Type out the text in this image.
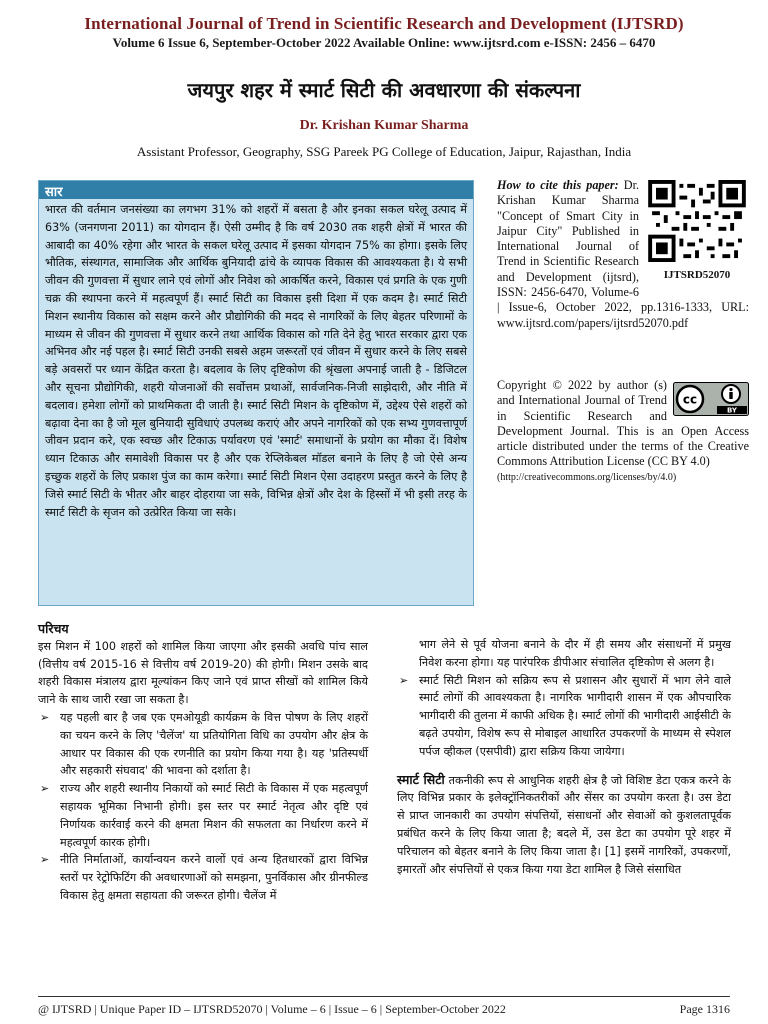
International Journal of Trend in Scientific Research and Development (IJTSRD)
Volume 6 Issue 6, September-October 2022 Available Online: www.ijtsrd.com e-ISSN: 2456 – 6470
जयपुर शहर में स्मार्ट सिटी की अवधारणा की संकल्पना
Dr. Krishan Kumar Sharma
Assistant Professor, Geography, SSG Pareek PG College of Education, Jaipur, Rajasthan, India
सार
भारत की वर्तमान जनसंख्या का लगभग 31% को शहरों में बसता है और इनका सकल घरेलू उत्पाद में 63% (जनगणना 2011) का योगदान हैं। ऐसी उम्मीद है कि वर्ष 2030 तक शहरी क्षेत्रों में भारत की आबादी का 40% रहेगा और भारत के सकल घरेलू उत्पाद में इसका योगदान 75% का होगा। इसके लिए भौतिक, संस्थागत, सामाजिक और आर्थिक बुनियादी ढांचे के व्यापक विकास की आवश्यकता है। ये सभी जीवन की गुणवत्ता में सुधार लाने एवं लोगों और निवेश को आकर्षित करने, विकास एवं प्रगति के एक गुणी चक्र की स्थापना करने में महत्वपूर्ण हैं। स्मार्ट सिटी का विकास इसी दिशा में एक कदम है। स्मार्ट सिटी मिशन स्थानीय विकास को सक्षम करने और प्रौद्योगिकी की मदद से नागरिकों के लिए बेहतर परिणामों के माध्यम से जीवन की गुणवत्ता में सुधार करने तथा आर्थिक विकास को गति देने हेतु भारत सरकार द्वारा एक अभिनव और नई पहल है। स्मार्ट सिटी उनकी सबसे अहम जरूरतों एवं जीवन में सुधार करने के लिए सबसे बड़े अवसरों पर ध्यान केंद्रित करता है। बदलाव के लिए दृष्टिकोण की श्रृंखला अपनाई जाती है - डिजिटल और सूचना प्रौद्योगिकी, शहरी योजनाओं की सर्वोत्तम प्रथाओं, सार्वजनिक-निजी साझेदारी, और नीति में बदलाव। हमेशा लोगों को प्राथमिकता दी जाती है। स्मार्ट सिटी मिशन के दृष्टिकोण में, उद्देश्य ऐसे शहरों को बढ़ावा देना का है जो मूल बुनियादी सुविधाएं उपलब्ध कराएं और अपने नागरिकों को एक सभ्य गुणवत्तापूर्ण जीवन प्रदान करे, एक स्वच्छ और टिकाऊ पर्यावरण एवं 'स्मार्ट' समाधानों के प्रयोग का मौका दें। विशेष ध्यान टिकाऊ और समावेशी विकास पर है और एक रेप्लिकेबल मॉडल बनाने के लिए है जो ऐसे अन्य इच्छुक शहरों के लिए प्रकाश पुंज का काम करेगा। स्मार्ट सिटी मिशन ऐसा उदाहरण प्रस्तुत करने के लिए है जिसे स्मार्ट सिटी के भीतर और बाहर दोहराया जा सके, विभिन्न क्षेत्रों और देश के हिस्सों में भी इसी तरह के स्मार्ट सिटी के सृजन को उत्प्रेरित किया जा सके।
IJTSRD52070
How to cite this paper: Dr. Krishan Kumar Sharma "Concept of Smart City in Jaipur City" Published in International Journal of Trend in Scientific Research and Development (ijtsrd), ISSN: 2456-6470, Volume-6 | Issue-6, October 2022, pp.1316-1333, URL: www.ijtsrd.com/papers/ijtsrd52070.pdf
cc
BY
Copyright © 2022 by author (s) and International Journal of Trend in Scientific Research and Development Journal. This is an Open Access article distributed under the terms of the Creative Commons Attribution License (CC BY 4.0)
(http://creativecommons.org/licenses/by/4.0)
परिचय
इस मिशन में 100 शहरों को शामिल किया जाएगा और इसकी अवधि पांच साल (वित्तीय वर्ष 2015-16 से वित्तीय वर्ष 2019-20) की होगी। मिशन उसके बाद शहरी विकास मंत्रालय द्वारा मूल्यांकन किए जाने एवं प्राप्त सीखों को शामिल किये जाने के साथ जारी रखा जा सकता है।
➢ यह पहली बार है जब एक एमओयूडी कार्यक्रम के वित्त पोषण के लिए शहरों का चयन करने के लिए 'चैलेंज' या प्रतियोगिता विधि का उपयोग और क्षेत्र के आधार पर विकास की एक रणनीति का प्रयोग किया गया है। यह 'प्रतिस्पर्धी और सहकारी संघवाद' की भावना को दर्शाता है।
➢ राज्य और शहरी स्थानीय निकायों को स्मार्ट सिटी के विकास में एक महत्वपूर्ण सहायक भूमिका निभानी होगी। इस स्तर पर स्मार्ट नेतृत्व और दृष्टि एवं निर्णायक कार्रवाई करने की क्षमता मिशन की सफलता का निर्धारण करने में महत्वपूर्ण कारक होगी।
➢ नीति निर्माताओं, कार्यान्वयन करने वालों एवं अन्य हितधारकों द्वारा विभिन्न स्तरों पर रेट्रोफिटिंग की अवधारणाओं को समझना, पुनर्विकास और ग्रीनफील्ड विकास हेतु क्षमता सहायता की जरूरत होगी। चैलेंज में
भाग लेने से पूर्व योजना बनाने के दौर में ही समय और संसाधनों में प्रमुख निवेश करना होगा। यह पारंपरिक डीपीआर संचालित दृष्टिकोण से अलग है।
➢ स्मार्ट सिटी मिशन को सक्रिय रूप से प्रशासन और सुधारों में भाग लेने वाले स्मार्ट लोगों की आवश्यकता है। नागरिक भागीदारी शासन में एक औपचारिक भागीदारी की तुलना में काफी अधिक है। स्मार्ट लोगों की भागीदारी आईसीटी के बढ़ते उपयोग, विशेष रूप से मोबाइल आधारित उपकरणों के माध्यम से स्पेशल पर्पज व्हीकल (एसपीवी) द्वारा सक्रिय किया जायेगा।
स्मार्ट सिटी तकनीकी रूप से आधुनिक शहरी क्षेत्र है जो विशिष्ट डेटा एकत्र करने के लिए विभिन्न प्रकार के इलेक्ट्रॉनिकतरीकों और सेंसर का उपयोग करता है। उस डेटा से प्राप्त जानकारी का उपयोग संपत्तियों, संसाधनों और सेवाओं को कुशलतापूर्वक प्रबंधित करने के लिए किया जाता है; बदले में, उस डेटा का उपयोग पूरे शहर में परिचालन को बेहतर बनाने के लिए किया जाता है। [1] इसमें नागरिकों, उपकरणों, इमारतों और संपत्तियों से एकत्र किया गया डेटा शामिल है जिसे संसाधित
@ IJTSRD | Unique Paper ID – IJTSRD52070 | Volume – 6 | Issue – 6 | September-October 2022	Page 1316
